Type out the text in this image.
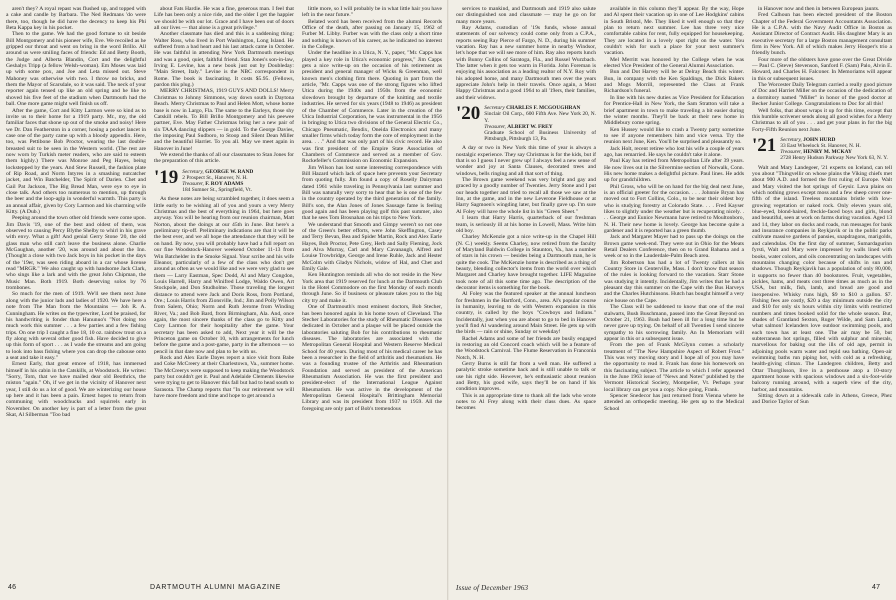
aren't they? A royal repast was flushed up, and topped with a cake and candle by Barbara. The Ned Redmans 'do were there, too, though he did have the decency to keep his Phi Beta Kappa key in his pocket.

Then to the game. We had the good fortune to sit beside Bill Montgomery and his pioneer wife, Eve. We recoiled as he gripped our throat and went on bring in the word Brillo. All around us were smiling faces of friends: Ed and Betty Booth, the Judge and Alberta Blandin, Cort and the delightful Geshalys Tripp (a fellow Welsh-woman). Em Moses was laid up with some pox, and Joe and Leta missed out. Steve Mahoney was otherwise with two. I throw no bricks, and them the Mayor of Scarsdale, so it was said. The neck of your reporter again tensed up like an old spring and he like to shoved his five feet of the stadium when Dartmouth had the ball. One more game might well finish us off.

After the game, Cort and Kitty Larmon were so kind as to invite us to their home for a 1919 party. Mr., my, the old familiar faces that shone up out of the smoke and noisy! Here we Dr. Dan Featherston in a corner, hosing a pocket lancet in case one of the party came up with a bloody appendix. Here, too, was Pettibone Bob Proctor, wearing the last double-breasted suit to be seen in the Western world. (The rest are now worn by Turkish meter readers, who are said to esteem them highly.) There was Monroe and Peg Hayes, being lockstepped by the years. And Stew Russell, the fashion plate of Rip Road, and Norm Intyres in a smashing nutcatcher jacket, and Win Batchelder, The Spirit of Darien. Chet and Gail Pat Jackson, The Big Bread Man, were eye to eye in close talk. And others too numerous to mention, up through the beer and the loop-agip in wonderful warmth. This party is an annual affair, given by Cory Larmon and his charming wife Kitty. (A Dub.)

Peeping around the town other old friends were come upon. Jim Davis '19, one of the best and oldest of them, was observed to causing Percy Blythe Shelby to whirl in his grave with envy. What a gift! And genial Gerry Stone '20, the old glass man who still can't leave the business alone. Charlie McGaughan, another '20, was around and about the Inn. (Thought a close with two Jack boys in his pocket in the days of the '19er, was seen riding aboard in a car whose license read "MRGR." We also caught up with handsome Jack Clark, who sings like a lark and with the great John Chipman, the Music Man. Both 1919. Both deserving solos by 76 trombones.

So much for the men of 1919. We'll see them next June along with the junior lads and ladies of 1920. We have here a note from The Man from the Mountains — Joh R. A. Cunningham. He writes on the typewriter, Lord be praised, for his handwriting is fonder than Hanunuo's "Not doing too much work this summer . . . a few parties and a few fishing trips. On one trip I caught a fine 18, 10 oz. rainbow trout on a fly along with several other good fish. Have decided to give up this form of sport . . . as I wade the streams and am going to look into bass fishing where you can drop the cabouse onto a seat and take it easy."

Ernest Early, that great emcee of 1918, has immersed himself in his cabin in the Catskills, at Woodstock. He writes: "Sorry, Tom, that we have mailed dear old Beothrics, the miston "again." Oh, if we get in the vicinity of Hanover next year, I still do us a lot of good. We are winterizing our house up here and it has been a pain. Ernest hopes to return from communing with woodchucks and squirrels early in November. On another key is part of a letter from the great Skat, Al Silberman "Too bad

about Fats Hardie. He was a fine, generous man. I feel that Life has been only a nice ride, and the older I get the happier we should be with our lot. Grace and I have been out of doors all our lives — that alone is a great privilege."

Another classmate has died and this is a saddening thing: Walter Ross, who lived in Port Washington, Long Island. He suffered from a bad heart and his last attack came in October. He was faithful in attending New York Dartmouth meetings and was a good, quiet, faithful friend. Stan Jones's son-in-law, Irving E. Levine, has a new book just out by Doubleday: "Main Street, Italy." Levine is the NBC correspondent in Rome. The book is fascinating. It costs $5.95. (Fellows, pardon this plug.)

MERRY CHRISTMAS, 1919 GUYS AND DOLLS! Merry Christmas to Johnny Simmons, way down south in Daytona Beach. Merry Christmas to Paul and Helen Mott, whose home base is now in Largo, Fla. The same to the Earleys, those shy Catskill rebels. To Bill Brillo Montgomery and his peewee partner, Eve. May Father Christmas bring her a new pair of six TAAA dancing slippers — in gold. To the George Davies, the imposing Paul Sudboro, to Stoop and Silent Dean Miller and the beautiful Harriet. To you all. May we meet again in Hanover in June!

We extend the thanks of all our classmates to Stan Jones for the preparation of this article.

'19 Secretary, GEORGE W. RAND
2 Prospect St., Hanover, N. H.
Treasurer, F. ROY ADAMS
184 Sumner St., Springfield, Vt.

As these notes are being scrambled together, it does seem a little early to be wishing all of you and yours a very Merry Christmas and the best of everything in 1964, but here goes anyway. You will be hearing from our reunion chairman, Matt Norton, about the doings at our 45th in June. But here's a preliminary tip-off. Preliminary indications are that it will be the best ever, and we all hope the attendance that they will be on hand. By now, you will probably have had a full report on our fine Woodstock-Hanover weekend October 11-13 from Win Batchelder in the Smoke Signal. Your scribe and his wife Eleanor, particularly of a few of the class who don't get around as often as we would like and we were very glad to see them — Larry Eastman, Spec Dodd, Al and Mary Congdon, Louis Harrell, Harry and Winifred Lodge, Waldo Owen, Art Stockpole, and Don Studholme. Those traveling the longest distance to attend were Jack and Doris Ross, from Portland, Ore.; Louis Harris from Zionsville, Ind.; Jim and Polly Wilson from Salem, Ohio; Norm and Ruth Jerome from Winding River, Va.; and Bob Bard, from Birmingham, Ala. And, once again, the most sincere thanks of the class go to Kitty and Cory Larmon for their hospitality after the game. Your secretary has been asked to add, Next year it will be the Princeton game on October 10, with arrangements for lunch before the game and a post-game, party in the afternoon — so pencil in that date now and plan to be with us.

Rock and Alex Earle Dayes report a nice visit from Babe and Coke McCreery at their Charlestown, Va., summer home. The McCreerys were supposed to keep making the Woodstock party but couldn't get it. Paul and Adelaide Clements likewise were trying to get to Hanover this fall but had to head south to Sarasota. The Champ reports that "In our retirement we will have more freedom and time and hope to get around a

little more, so I will probably be in what little hair you have left in the near future."

Belated word has been received from the alumni Records Office of the death, after passing on January 15, 1962 of Furber M. Libby. Furber was with the class only a short time and nothing is known of his career, as he indicated no interest in the College.

Under the headline in a Utica, N. Y., paper, "Mr. Capps has played a key role in Utica's economic progress," Jim Capps gets a nice write-up on the occasion of his retirement as president and general manager of Wicks & Greenman, well known men's clothing firm there. Quoting in part from the article, "Mr. Capps was one of the strong figures who lifted Utica during the 1940s and 1950s from the economic slowdown brought by departure of the knitting and textile industries. He served for six years (1948 to 1946) as president of the Chamber of Commerce. Later in the creation of the Utica Industrial Corporation, he was instrumental in the 1956 in bringing to Utica two divisions of the General Electric Co., Chicago Pneumatic, Bendix, Oneida Electronics and many smaller firms which today form the core of employment in the area. . . ." And that was only part of his civic record. He also was first president of the Empire State Association of Chambers of Commerce and served as a member of Gov. Rockefeller's Commission on Economic Expansion.

Jim Wilson has lost some interesting correspondence with Bill Hazard which lack of space here prevents your Secretary from quoting fully. Jim found a copy of Roselly Dairyman dated 1961 while traveling in Pennsylvania last summer and Bill was naturally very sorry to hear that he is one of the few in the country operated by the third generation of the family. Bill's son, the Alan Jones of Jones Sausage fame is feeling good again and has been playing golf this past summer, also that he sees Tom Brosnahan on his trips to New York.

We understand that Smooth and Gimpy weren't so not one of the Green's better efforts, were John Skeffington, Casey and Terry Bevan, Bea and Spider Martin, Rock and Alex Earle Hayes, Bob Proctor, Pete Grey, Herb and Sally Fleming, Jock and Alva Murray, Carl and Mary Cavanaugh, Alfred and Louise Trowbridge, George and Irene Ruhle, Jack and Hester McColm with Gladys Nichols, widow of Hal, and Chet and Emily Gale.

Ken Huntington reminds all who do not reside in the New York area that 1919 reserved for lunch at the Dartmouth Club in the Hotel Commodore on the first Monday of each month through June. So if business or pleasure takes you to the big city try and make it.

One of Dartmouth's most eminent doctors, Bob Stecher, has been honored again in his home town of Cleveland. The Stecher Laboratories for the study of Rheumatic Diseases was dedicated in October and a plaque will be placed outside the laboratories saluting Bob for his contributions to rheumatic diseases. The laboratories are associated with the Metropolitan General Hospital and Western Reserve Medical School for 40 years. During most of his medical career he has been a researcher in the field of arthritis and rheumatism. He was a founding trustee of the Arthritis and Rheumatism Foundation and served as president of the American Rheumatism Association. He was the first president and president-elect of the International League Against Rheumatism. He was active in the development of the Metropolitan General Hospital's Brittingham Memorial Library and was its president from 1937 to 1959. All the foregoing are only part of Bob's tremendous

services to mankind, and Dartmouth and 1919 also salute our distinguished son and classmate — may he go on for many more years.

Ray Adams, custodian of '19s funds, whose annual statements of our solvency could come only from a C.P.A., reports seeing Ray Pierce of Fargo, N. D., during his summer vacation. Ray has a new summer home in nearby Windsor, let's hope that we will see more of him. Ray also reports lunch with Bunny Collins of Saratoga, Fla., and Russel Wurzbach. The latter when it gets too warm in Florida. John Foreman is enjoying his association as a leading realtor of N.Y. Roy with his adopted home, and many Dartmouth men over the years appreciate John's help in their travels. Once again, a Most Happy Christmas and a good 1964 to all '19ers, their families, and their widows.

'20 Secretary CHARLES F. MCGOUGHRAN
Sinclair Oil Corp., 600 Fifth Ave. New York 20, N. Y.
Treasurer, ALBERT W. FREY
Graduate School of Business University of Pittsburgh, Pittsburgh 13, Pa.

A day or two in New York this time of year is always a nostalgic experience. They say Christmas is for the kids, but if that is so I guess I never grew up! I always feel a new sense of wonder and joy at Santa Clauses, decorated trees and windows, bells ringing and all that sort of thing.

The Brown game weekend was very bright and gay and graced by a goodly number of Twenties. Jerry Stone and I put our heads together and tried to recall all those we saw at the Inn, at the game, and in the new Leverone Fieldhouse or at Harry Sagmoen's wingding later, but finally gave up. I'm sure Al Foley will have the whole list in his "Green Sheet."

I learn that Harry Harris, quarterback of our freshman team, is seriously ill at his home in Lowell, Mass. Write him old boy.

Charley McKenzie got a nice write-up in the Chapel Hill (N. C.) weekly. Seems Charley, now retired from the faculty of Maryland Baldwin College in Staunton, Va., has a number of stars in his crown — besides being a Dartmouth man, he is quite the cook. The McKenzie home is described as a thing of beauty, blending collector's items from the world over which Margaret and Charley have brought together. LIFE Magazine took note of all this some time ago. The description of the decorator items is something for the book.

Al Foley was the featured speaker at the annual luncheon for freshmen in the Hartford, Conn., area. Al's popular course in humanity, leaving to do with Western expansion in this country, is called by the boys "Cowboys and Indians." Incidentally, just when you are about to go to bed in Hanover you'll find Al wandering around Main Street. He gets up with the birds — rain or shine, Sunday or weekday!

Rachel Adams and some of her friends are busily engaged in restoring an old Concord coach which will be a feature of the Woodstock Carnival. The Flume Reservation in Franconia Notch, N. H.

Gerry Burns is still far from a well man. He suffered a paralytic stroke sometime back and is still unable to talk or use his right side. However, he's enthusiastic about reunion and Betty, his good wife, says they'll be on hand if his condition improves.

This is an appropriate time to thank all the lads who wrote notes to Al Frey along with their class dues. As space becomes

available in this column they'll appear. By the way, Hope and Al spent their vacation up in one of Lee Hodgkins' cabins in South Bristol, Me. They liked it well enough so that they plan to return next summer. Lee has three very nice comfortable cabins for rent, fully equipped for housekeeping. They are located in a lovely spot right on the water. You couldn't wish for such a place for your next summer's vacation.

Mel Merritt was honored by the College when he was elected Vice President of the General Alumni Association.

Bun and Dot Harvey will be at Delray Beach this winter. Bun, in company with the Ken Spaldings, the Dick Bakers and Mogs Morrill, represented the Class at Frank Richardson's funeral.

In line with his new duties as Vice President for Education for Prentice-Hall in New York, the Sam Stratton will take a brief apartment in town to make traveling a bit easier during the winter months. They'll be back at their new home in Middlebury come spring.

Ken Hussey would like to crash a Twenty party sometime to see if anyone remembers him and vice versa. Try the reunion next June, Ken. You'll be surprised and pleasantly so.

Jack Holt, recent retiree who lost his wife a couple of years ago, has remarried. He says he couldn't take it alone.

Paul Kay has retired from Metropolitan Life after 39 years. He now lives out in the Silvermine section of Norwalk, Conn. His new home makes a delightful picture. Paul lines. He adds up for grandchildren.

Phil Gross, who will be on hand for the big deal next June, is an official greeter for the occasion. . . . Johnnie Bryan has moved out to Fort Collins, Colo., to be near their oldest boy who is studying forestry at Colorado State. . . . Fred Kayser likes to slightly under the weather but is recuperating nicely. . . . George and Eunice Newmann have retired to Moultonboro, N. H. Their new home is lovely. George has become quite a gardener and it is reported has a green thumb.

Jack and Margaret Mayer had to pass up the doings on the Brown game week-end. They were out in Ohio for the Meats Retail Dealers Conference, then on to Grand Bahama and a week or so in the Lauderdale-Palm Beach area.

Jim Robertson has had a lot of Twenty callers at his Country Store in Centerville, Mass. I don't know that season of the rules is looking forward to the vacation. Starr Stone was studying it intently. Incidentally, Jim writes that he had a pleasant day this summer on the Cape with the Bus Harveys and the Charles Hutchinsons. Hutch has bought himself a very nice house on the Cape.

The Class will be saddened to know that one of the real stalwarts, Bush Buschmann, passed into the Great Beyond on October 21, 1963. Bush had been ill for a long time but he never gave up trying. On behalf of all Twenties I send sincere sympathy to his sorrowing family. An In Memoriam will appear in this or a subsequent issue.

From the pen of Frank McGlynn comes a scholarly treatment of "The New Hampshire Aspect of Robert Frost." This was very moving story and I hope all of you may have the opportunity to read it. Frank has done his homework on this fascinating subject. The article to which I refer appeared in the June 1963 issue of "News and Notes" published by the Vermont Historical Society, Montpelier, Vt. Perhaps your local library can get you a copy. Nice going, Frank.

Spencer Snedecor has just returned from Vienna where he attended an orthopedic meeting. He gets up to the Medical School

in Hanover now and then in between European jaunts.

Fred Calhoun has been elected president of the Boston Chapter of the Federal Government Accountants Association. He is a C.P.A. with the Navy Audit Office in Boston as Assistant Director of Contract Audit. His daughter Mary is an executive secretary for a large Boston management consultant firm in New York. All of which makes Jerry Hooper's trio a friendly bunch.

Four more of the oldsters have gone over the Great Divide — Paul C. (Steve) Stevenson, Sanford F. (Sam) Palo, Alvin E. Howard, and Charles H. Falconer. In Memoriams will appear in this or subsequent issues.

The Worcester Daily Telegram carried a really good picture of Doc and Harriet Miller on the occasion of the dedication of a dormitory named "Miller" in honor of the good doctor at Becker Junior College. Congratulations to Doc for all this!

Well folks, that about wraps it up for this time, except that this humble scrivener sends along all good wishes for a Merry Christmas to all of you . . . and get your plans in for the big Forty-Fifth Reunion next June.

'21 Secretary, JOHN HURD
33 East Wheelock St. Hanover, N. H.
Treasurer, HENRY M. MCKAY
2728 Henry Hudson Parkway New York 63, N. Y.

Walt and Mary Landegeer, '21 experts on Iceland, can tell you about "Thingvellir on whose plains the Viking chiefs met about 900 A.D. and formed the first ruling of Europe. Walt and Mary visited the hot springs of Geysir. Lava plains on which nothing grows except moss and a few sheep cover one-fifth of the island. Treeless mountains bristle with low-growing vegetation or naked rock. Only eleven years old, blue-eyed, blond-haired, freckle-faced boys and girls, blond and beautiful, seen at work on farms during vacation. Aged 13 and 14, they labor on docks and roads, run messages for bank and insurance companies in Reykjavik or in the public parks cultivate massive gardens of pansies, snapdragons, marigolds, and calendulas. On the first day of summer, Sumardagurinn fyrsti, Walt and Mary were impressed by walls lined with books, water colors, and oils concentrating on landscapes with mountains changing color because of shifts in sun and shadows. Though Reykjavik has a population of only 80,000, it supports no fewer than 40 bookstores. Fruit, vegetables, pickles, hams, and meats cost three times as much as in the USA, but milk, fish, lamb, and bread are good and inexpensive. Whisky runs high, $9 to $10 a gallon. $7. Fishing fees are costly, $20 a day minimum outside the city and $10 for only six hours within city limits with restricted numbers and times booked solid for the whole season. But, shades of Grantland Sexton, Ruger Wilde, and Sam Lamb, what salmon! Icelanders love outdoor swimming pools, and each town has at least one. The air may be 50, but subterranean hot springs, filled with sulphur and minerals, marvellous for baking out the ills of old age, permit in adjoining pools warm water and tepid sea bathing. Open-air swimming baths run piping hot, with cold as a refreshing, health-giving climax. The Landegren children, Betty and Ottar Thorgilsson, live in a penthouse atop a 10-story apartment house with spacious windows and a six-foot-wide balcony running around, with a superb view of the city, harbor, and mountains.

Sitting down at a sidewalk cafe in Athens, Greece, Phez and Dorice Taylor of Sun

46	DARTMOUTH ALUMNI MAGAZINE	Issue of December 1963	47
